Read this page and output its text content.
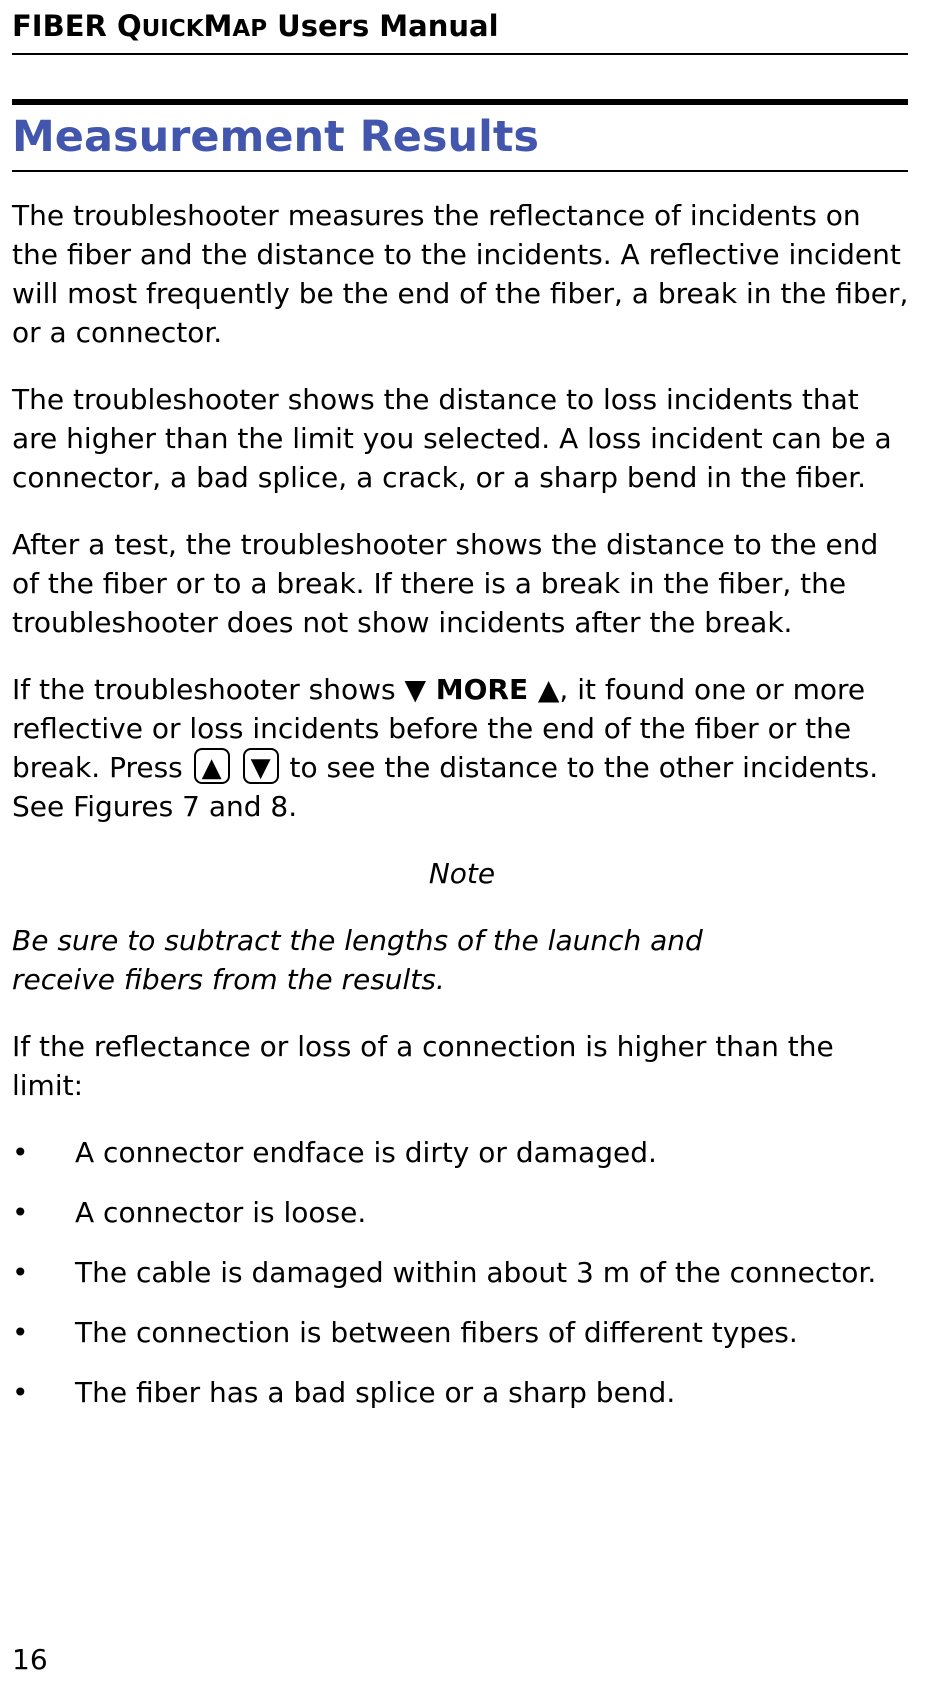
FIBER QUICKMAP Users Manual
Measurement Results

The troubleshooter measures the reflectance of incidents on the fiber and the distance to the incidents. A reflective incident will most frequently be the end of the fiber, a break in the fiber, or a connector.

The troubleshooter shows the distance to loss incidents that are higher than the limit you selected. A loss incident can be a connector, a bad splice, a crack, or a sharp bend in the fiber.

After a test, the troubleshooter shows the distance to the end of the fiber or to a break. If there is a break in the fiber, the troubleshooter does not show incidents after the break.

If the troubleshooter shows ▼ MORE ▲, it found one or more reflective or loss incidents before the end of the fiber or the break. Press ▲ ▼ to see the distance to the other incidents. See Figures 7 and 8.

Note

Be sure to subtract the lengths of the launch and receive fibers from the results.

If the reflectance or loss of a connection is higher than the limit:

• A connector endface is dirty or damaged.
• A connector is loose.
• The cable is damaged within about 3 m of the connector.
• The connection is between fibers of different types.
• The fiber has a bad splice or a sharp bend.
16
